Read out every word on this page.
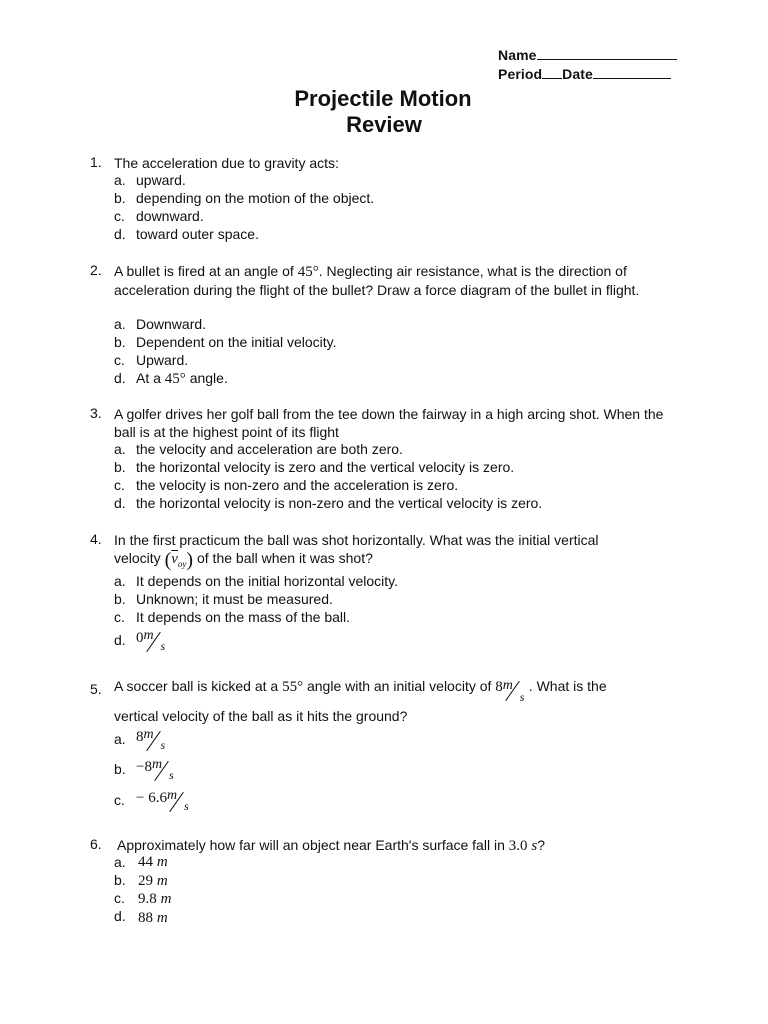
Name
Period Date
Projectile Motion
Review
1. The acceleration due to gravity acts:
a. upward.
b. depending on the motion of the object.
c. downward.
d. toward outer space.
2. A bullet is fired at an angle of 45°. Neglecting air resistance, what is the direction of acceleration during the flight of the bullet? Draw a force diagram of the bullet in flight.
a. Downward.
b. Dependent on the initial velocity.
c. Upward.
d. At a 45° angle.
3. A golfer drives her golf ball from the tee down the fairway in a high arcing shot. When the ball is at the highest point of its flight
a. the velocity and acceleration are both zero.
b. the horizontal velocity is zero and the vertical velocity is zero.
c. the velocity is non-zero and the acceleration is zero.
d. the horizontal velocity is non-zero and the vertical velocity is zero.
4. In the first practicum the ball was shot horizontally. What was the initial vertical
velocity $(\overline{v}_{oy})$ of the ball when it was shot?
a. It depends on the initial horizontal velocity.
b. Unknown; it must be measured.
c. It depends on the mass of the ball.
d. 0 m
s
5. A soccer ball is kicked at a 55° angle with an initial velocity of 8 m
s
. What is the
vertical velocity of the ball as it hits the ground?
a. 8 m
s
b. −8 m
s
c. − 6.6 m
s
6. Approximately how far will an object near Earth's surface fall in 3.0 s?
a. 44 m
b. 29 m
c. 9.8 m
d. 88 m
